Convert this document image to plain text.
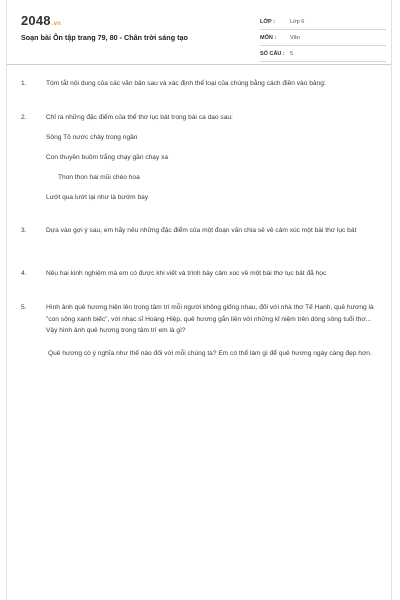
2048.vn
Soạn bài Ôn tập trang 79, 80 - Chân trời sáng tạo
LỚP :	Lớp 6
MÔN :	Văn
SỐ CÂU : 5
1.	Tóm tắt nội dung của các văn bản sau và xác định thể loại của chúng bằng cách điền vào bảng:
2.	Chỉ ra những đặc điểm của thể thơ lục bát trong bài ca dao sau:
Sông Tô nước chảy trong ngần
Con thuyền buồm trắng chạy gần chạy xa
Thon thon hai mũi chèo hoa
Lướt qua lướt lại như là bướm bay
3.	Dựa vào gợi ý sau, em hãy nêu những đặc điểm của một đoạn văn chia sẻ về cảm xúc một bài thơ lục bát
4.	Nêu hai kinh nghiệm mà em có được khi viết và trình bày cảm xúc về một bài thơ lục bát đã học
5.	Hình ảnh quê hương hiện lên trong tâm trí mỗi người không giống nhau, đối với nhà thơ Tế Hanh, quê hương là "con sông xanh biếc", với nhạc sĩ Hoàng Hiệp, quê hương gắn liền với những kỉ niệm trên dòng sông tuổi thơ... Vậy hình ảnh quê hương trong tâm trí em là gì?
Quê hương có ý nghĩa như thế nào đối với mỗi chúng ta? Em có thể làm gì để quê hương ngày càng đẹp hơn.
